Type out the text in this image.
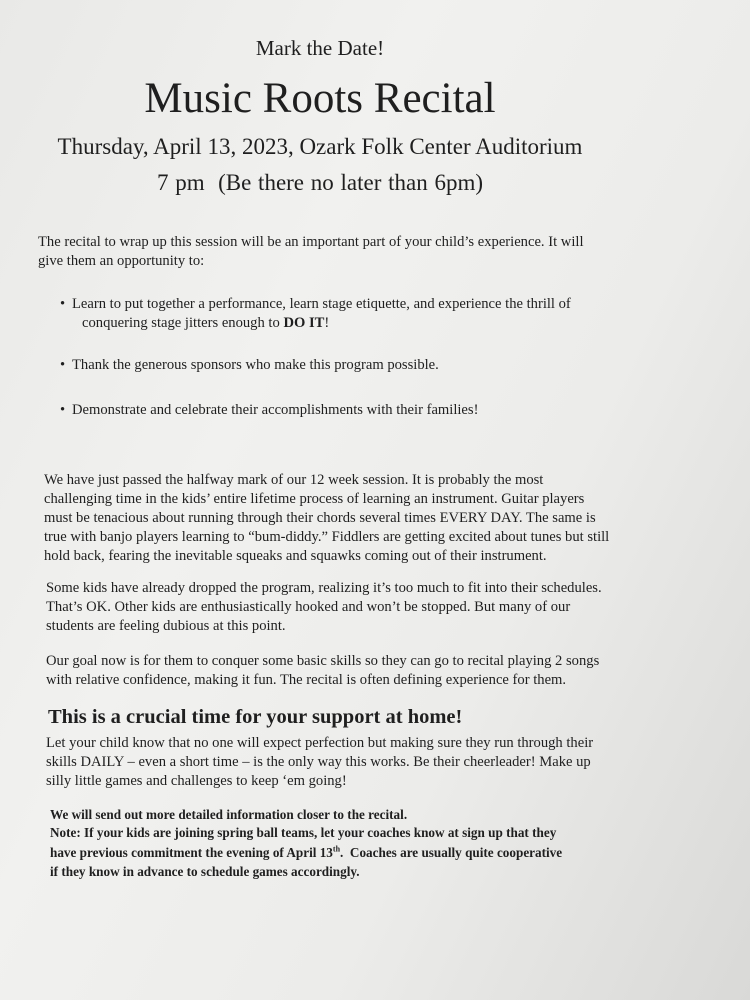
Mark the Date!

Music Roots Recital

Thursday, April 13, 2023, Ozark Folk Center Auditorium

7 pm  (Be there no later than 6pm)

The recital to wrap up this session will be an important part of your child’s experience. It will
give them an opportunity to:
• Learn to put together a performance, learn stage etiquette, and experience the thrill of
conquering stage jitters enough to DO IT!
• Thank the generous sponsors who make this program possible.
• Demonstrate and celebrate their accomplishments with their families!
We have just passed the halfway mark of our 12 week session. It is probably the most
challenging time in the kids’ entire lifetime process of learning an instrument. Guitar players
must be tenacious about running through their chords several times EVERY DAY. The same is
true with banjo players learning to “bum-diddy.” Fiddlers are getting excited about tunes but still
hold back, fearing the inevitable squeaks and squawks coming out of their instrument.
Some kids have already dropped the program, realizing it’s too much to fit into their schedules.
That’s OK. Other kids are enthusiastically hooked and won’t be stopped. But many of our
students are feeling dubious at this point.
Our goal now is for them to conquer some basic skills so they can go to recital playing 2 songs
with relative confidence, making it fun. The recital is often defining experience for them.
This is a crucial time for your support at home!
Let your child know that no one will expect perfection but making sure they run through their
skills DAILY – even a short time – is the only way this works. Be their cheerleader! Make up
silly little games and challenges to keep ‘em going!
We will send out more detailed information closer to the recital.
Note: If your kids are joining spring ball teams, let your coaches know at sign up that they
have previous commitment the evening of April 13th.  Coaches are usually quite cooperative
if they know in advance to schedule games accordingly.
